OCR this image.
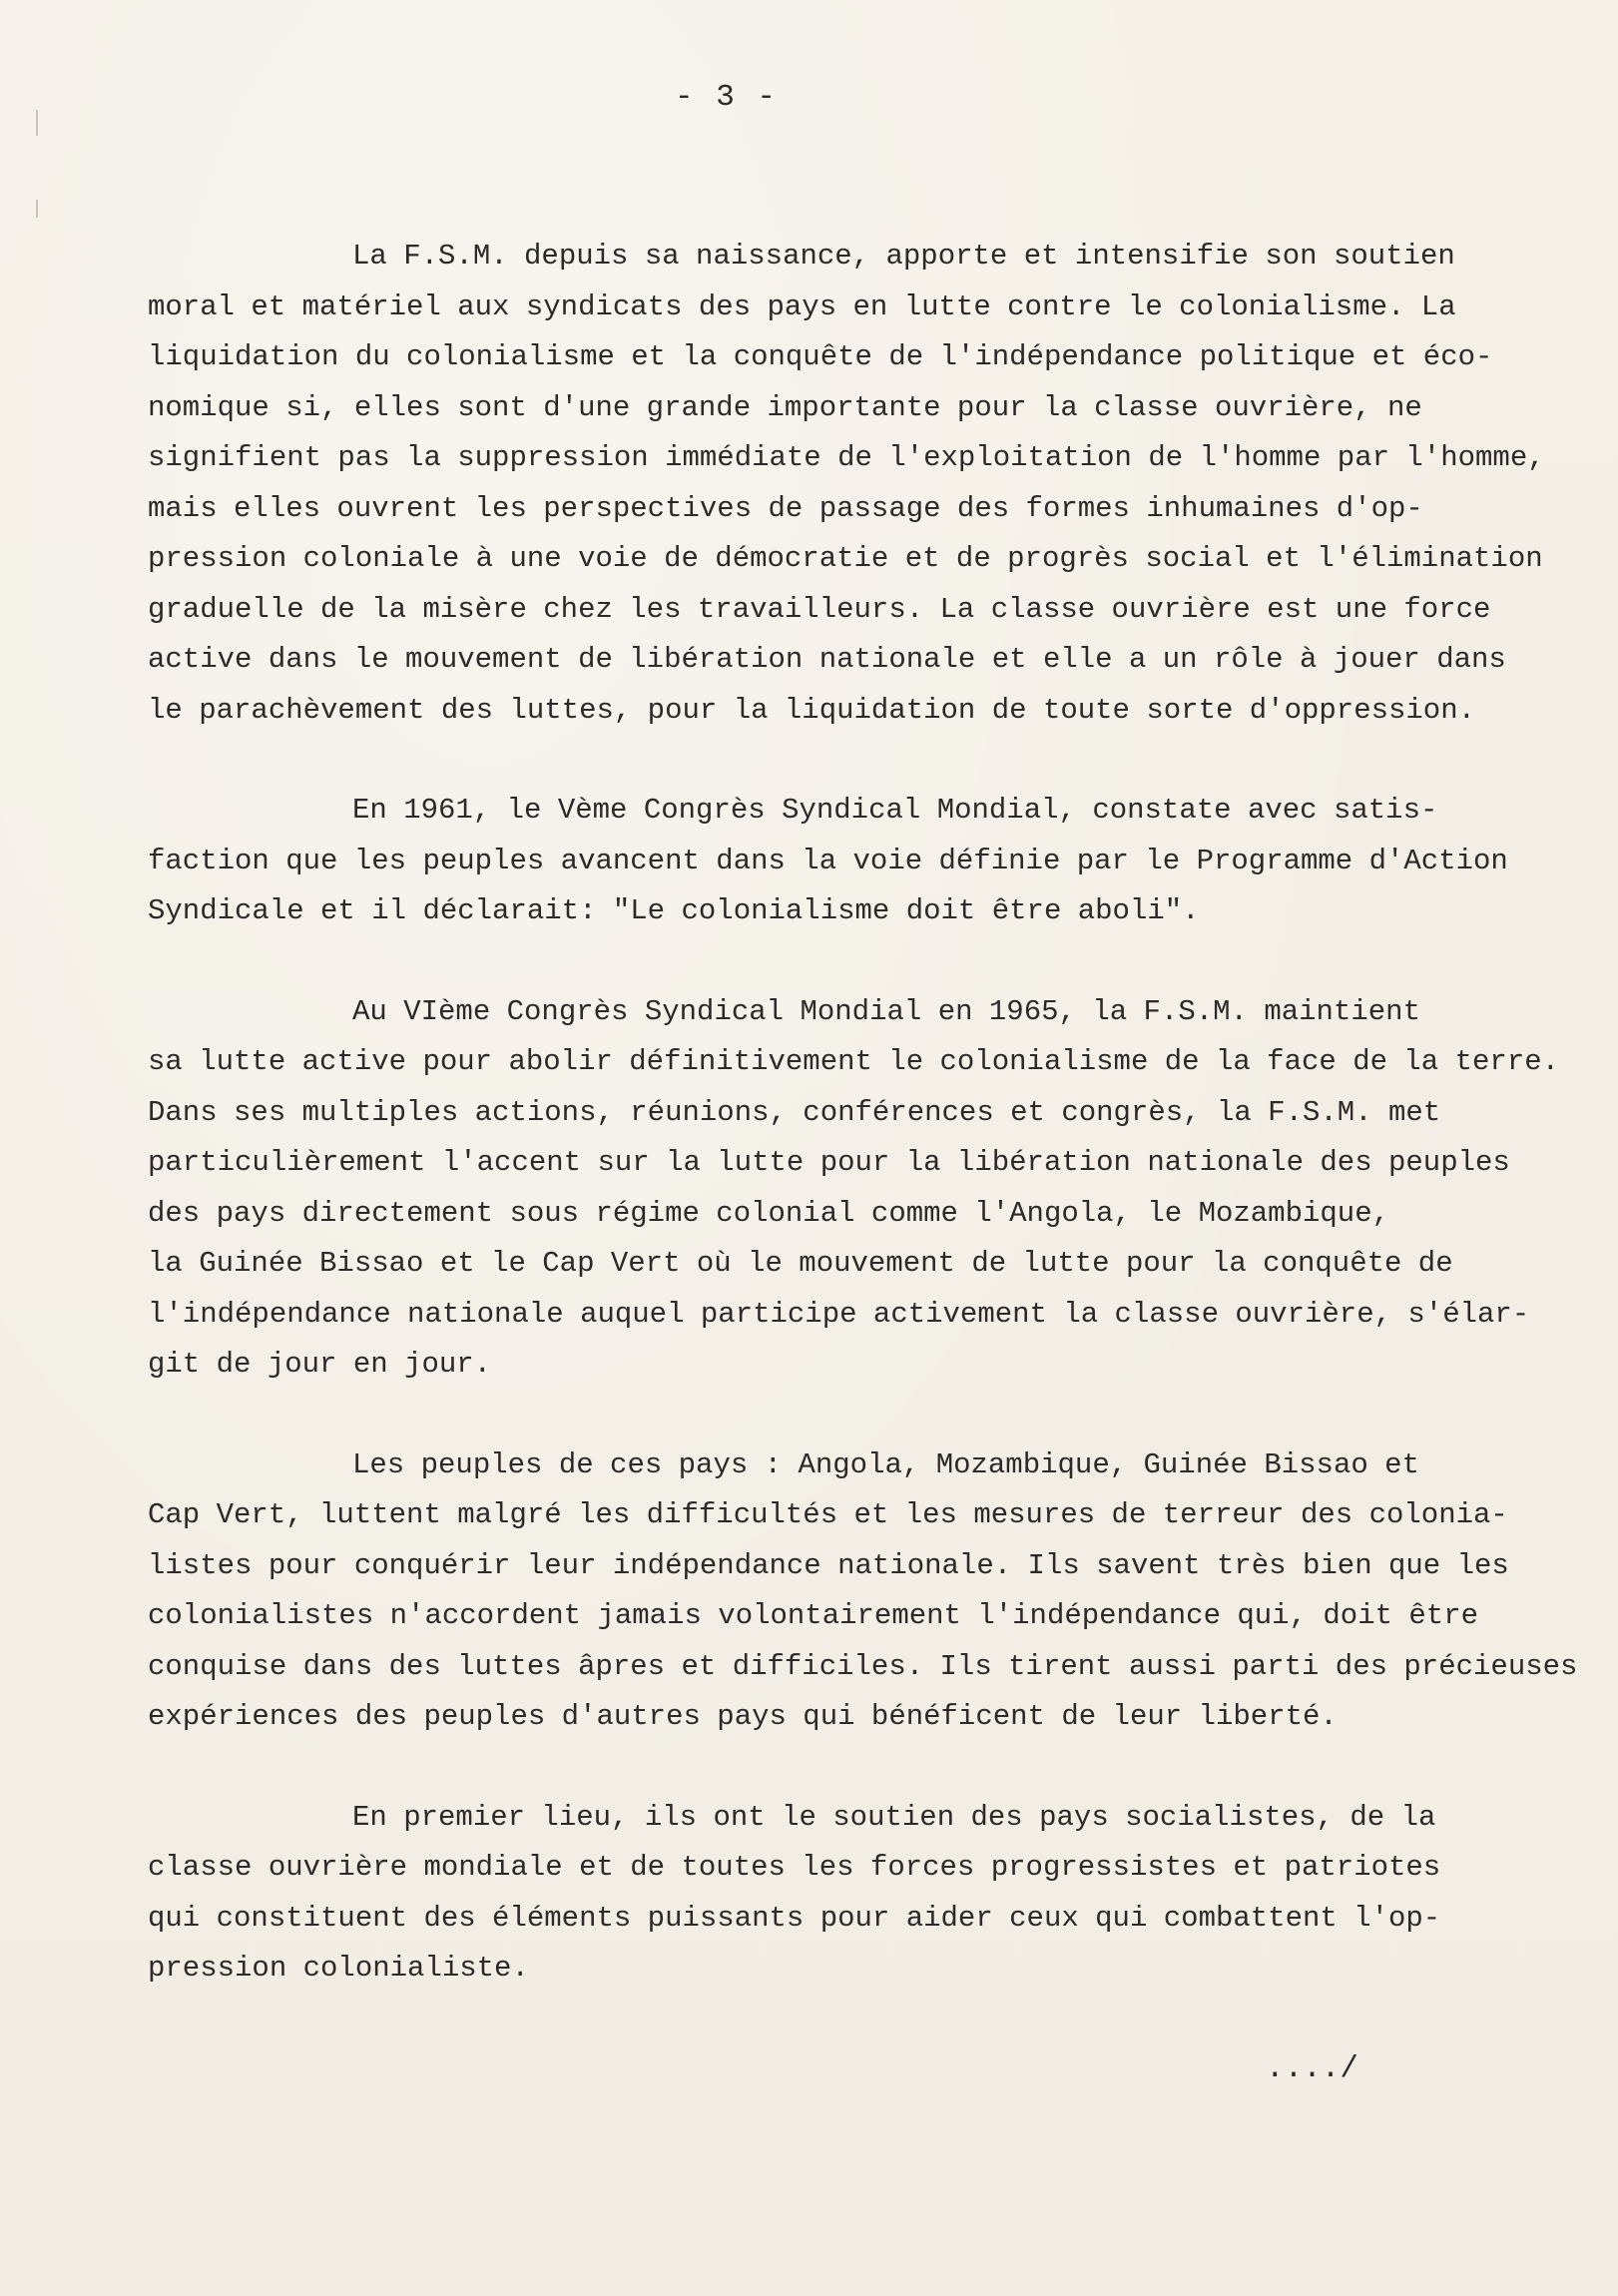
- 3 -
La F.S.M. depuis sa naissance, apporte et intensifie son soutien
moral et matériel aux syndicats des pays en lutte contre le colonialisme. La
liquidation du colonialisme et la conquête de l'indépendance politique et éco-
nomique si, elles sont d'une grande importante pour la classe ouvrière, ne
signifient pas la suppression immédiate de l'exploitation de l'homme par l'homme,
mais elles ouvrent les perspectives de passage des formes inhumaines d'op-
pression coloniale à une voie de démocratie et de progrès social et l'élimination
graduelle de la misère chez les travailleurs. La classe ouvrière est une force
active dans le mouvement de libération nationale et elle a un rôle à jouer dans
le parachèvement des luttes, pour la liquidation de toute sorte d'oppression.
En 1961, le Vème Congrès Syndical Mondial, constate avec satis-
faction que les peuples avancent dans la voie définie par le Programme d'Action
Syndicale et il déclarait: "Le colonialisme doit être aboli".
Au VIème Congrès Syndical Mondial en 1965, la F.S.M. maintient
sa lutte active pour abolir définitivement le colonialisme de la face de la terre.
Dans ses multiples actions, réunions, conférences et congrès, la F.S.M. met
particulièrement l'accent sur la lutte pour la libération nationale des peuples
des pays directement sous régime colonial comme l'Angola, le Mozambique,
la Guinée Bissao et le Cap Vert où le mouvement de lutte pour la conquête de
l'indépendance nationale auquel participe activement la classe ouvrière, s'élar-
git de jour en jour.
Les peuples de ces pays : Angola, Mozambique, Guinée Bissao et
Cap Vert, luttent malgré les difficultés et les mesures de terreur des colonia-
listes pour conquérir leur indépendance nationale. Ils savent très bien que les
colonialistes n'accordent jamais volontairement l'indépendance qui, doit être
conquise dans des luttes âpres et difficiles. Ils tirent aussi parti des précieuses
expériences des peuples d'autres pays qui bénéficent de leur liberté.
En premier lieu, ils ont le soutien des pays socialistes, de la
classe ouvrière mondiale et de toutes les forces progressistes et patriotes
qui constituent des éléments puissants pour aider ceux qui combattent l'op-
pression colonialiste.
..../
